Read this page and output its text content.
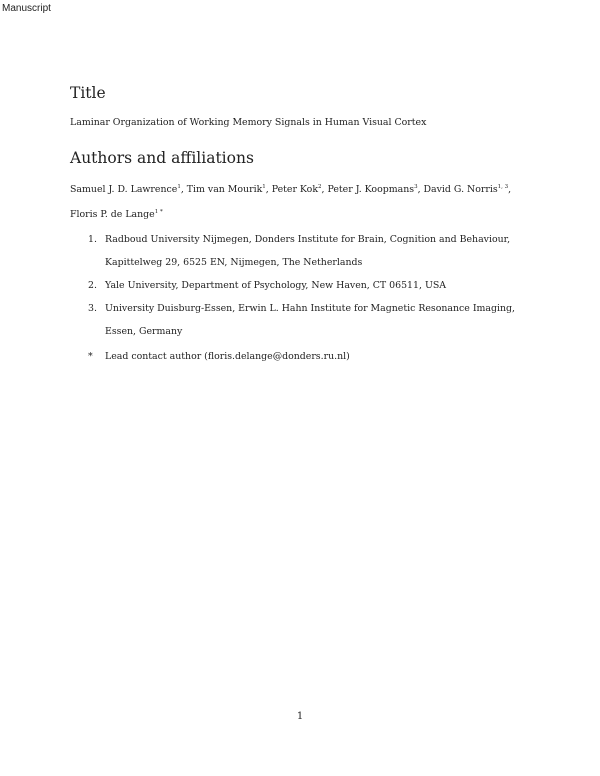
Manuscript
Title
Laminar Organization of Working Memory Signals in Human Visual Cortex
Authors and affiliations
Samuel J. D. Lawrence$^1$, Tim van Mourik$^1$, Peter Kok$^2$, Peter J. Koopmans$^3$, David G. Norris$^{1, 3}$, Floris P. de Lange$^{1 *}$
1. Radboud University Nijmegen, Donders Institute for Brain, Cognition and Behaviour, Kapittelweg 29, 6525 EN, Nijmegen, The Netherlands
2. Yale University, Department of Psychology, New Haven, CT 06511, USA
3. University Duisburg-Essen, Erwin L. Hahn Institute for Magnetic Resonance Imaging, Essen, Germany
* Lead contact author (floris.delange@donders.ru.nl)
1
